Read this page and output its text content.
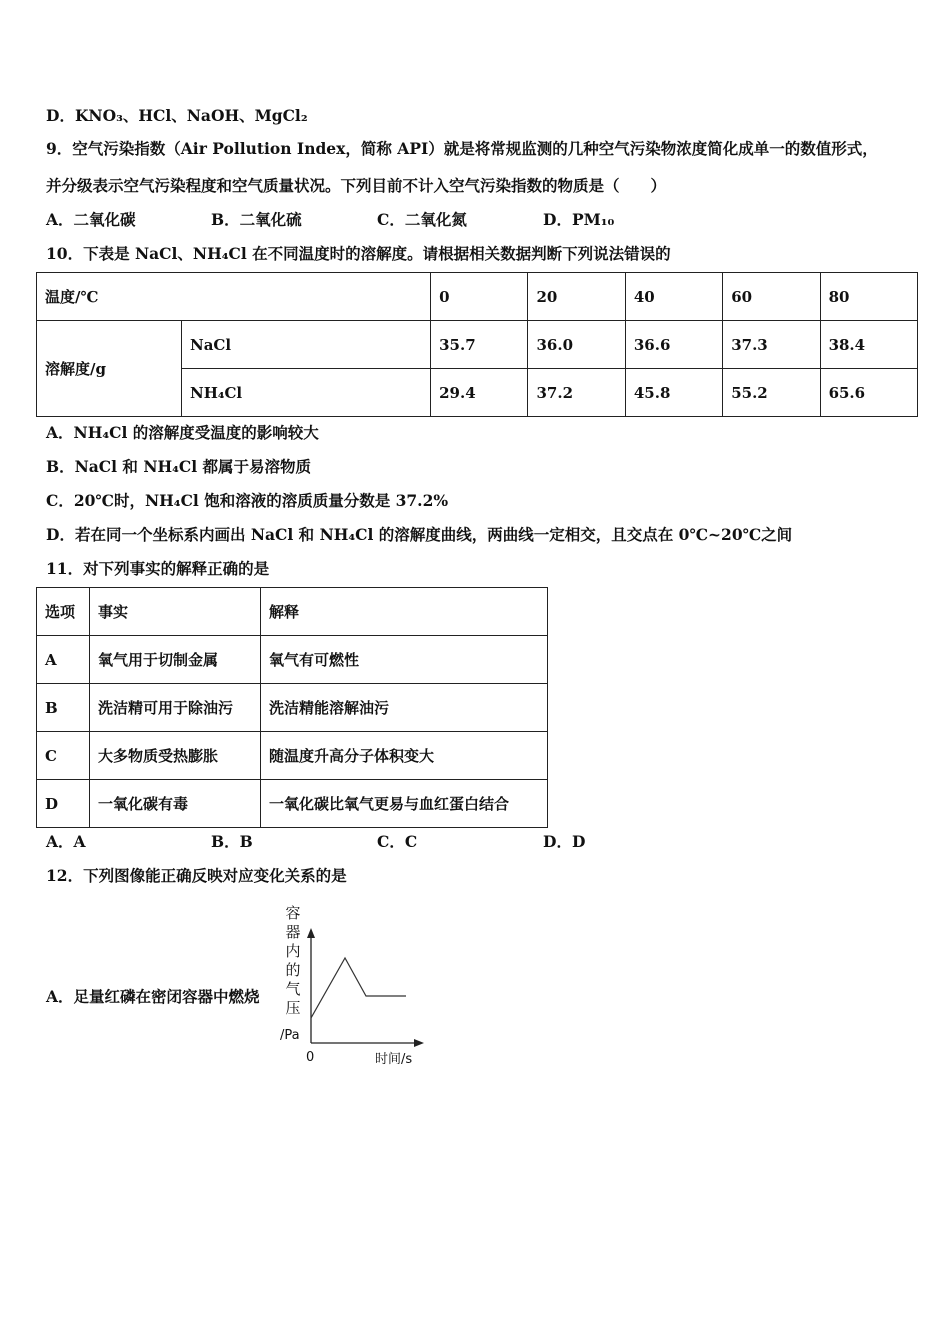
D．KNO₃、HCl、NaOH、MgCl₂
9．空气污染指数（Air Pollution Index，简称 API）就是将常规监测的几种空气污染物浓度简化成单一的数值形式，
并分级表示空气污染程度和空气质量状况。下列目前不计入空气污染指数的物质是（　　）
A．二氧化碳	B．二氧化硫	C．二氧化氮	D．PM₁₀
10．下表是 NaCl、NH₄Cl 在不同温度时的溶解度。请根据相关数据判断下列说法错误的
温度/℃		0	20	40	60	80
溶解度/g	NaCl	35.7	36.0	36.6	37.3	38.4
	NH₄Cl	29.4	37.2	45.8	55.2	65.6
A．NH₄Cl 的溶解度受温度的影响较大
B．NaCl 和 NH₄Cl 都属于易溶物质
C．20℃时，NH₄Cl 饱和溶液的溶质质量分数是 37.2%
D．若在同一个坐标系内画出 NaCl 和 NH₄Cl 的溶解度曲线，两曲线一定相交，且交点在 0℃~20℃之间
11．对下列事实的解释正确的是
选项	事实	解释
A	氧气用于切制金属	氧气有可燃性
B	洗洁精可用于除油污	洗洁精能溶解油污
C	大多物质受热膨胀	随温度升高分子体积变大
D	一氧化碳有毒	一氧化碳比氧气更易与血红蛋白结合
A．A	B．B	C．C	D．D
12．下列图像能正确反映对应变化关系的是
A．足量红磷在密闭容器中燃烧
容
器
内
的
气
压
/Pa
0	时间/s
